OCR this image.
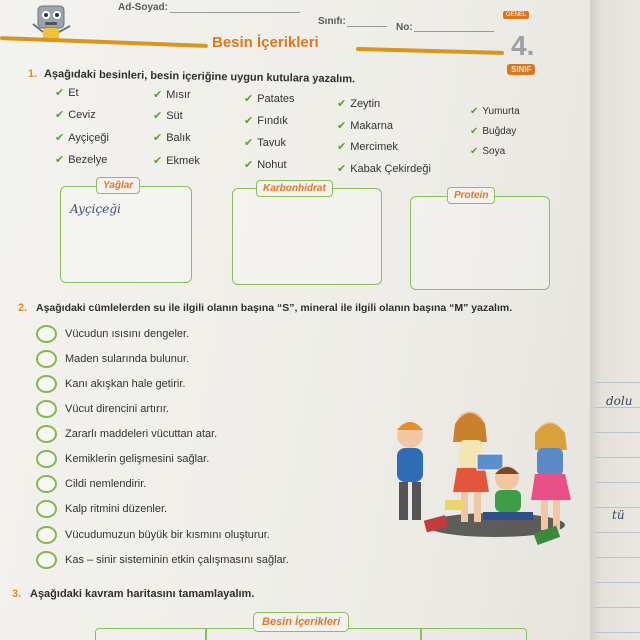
dolu
tü
Ad-Soyad:
Sınıfı:
No:
Besin İçerikleri
GENEL
4.
SINIF
1. Aşağıdaki besinleri, besin içeriğine uygun kutulara yazalım.
✔ Et
✔ Ceviz
✔ Ayçiçeği
✔ Bezelye
✔ Mısır
✔ Süt
✔ Balık
✔ Ekmek
✔ Patates
✔ Fındık
✔ Tavuk
✔ Nohut
✔ Zeytin
✔ Makarna
✔ Mercimek
✔ Kabak Çekirdeği
✔ Yumurta
✔ Buğday
✔ Soya
Yağlar
Ayçiçeği
Karbonhidrat
Protein
2. Aşağıdaki cümlelerden su ile ilgili olanın başına “S”, mineral ile ilgili olanın başına “M” yazalım.
Vücudun ısısını dengeler.
Maden sularında bulunur.
Kanı akışkan hale getirir.
Vücut direncini artırır.
Zararlı maddeleri vücuttan atar.
Kemiklerin gelişmesini sağlar.
Cildi nemlendirir.
Kalp ritmini düzenler.
Vücudumuzun büyük bir kısmını oluşturur.
Kas – sinir sisteminin etkin çalışmasını sağlar.
3. Aşağıdaki kavram haritasını tamamlayalım.
Besin İçerikleri
